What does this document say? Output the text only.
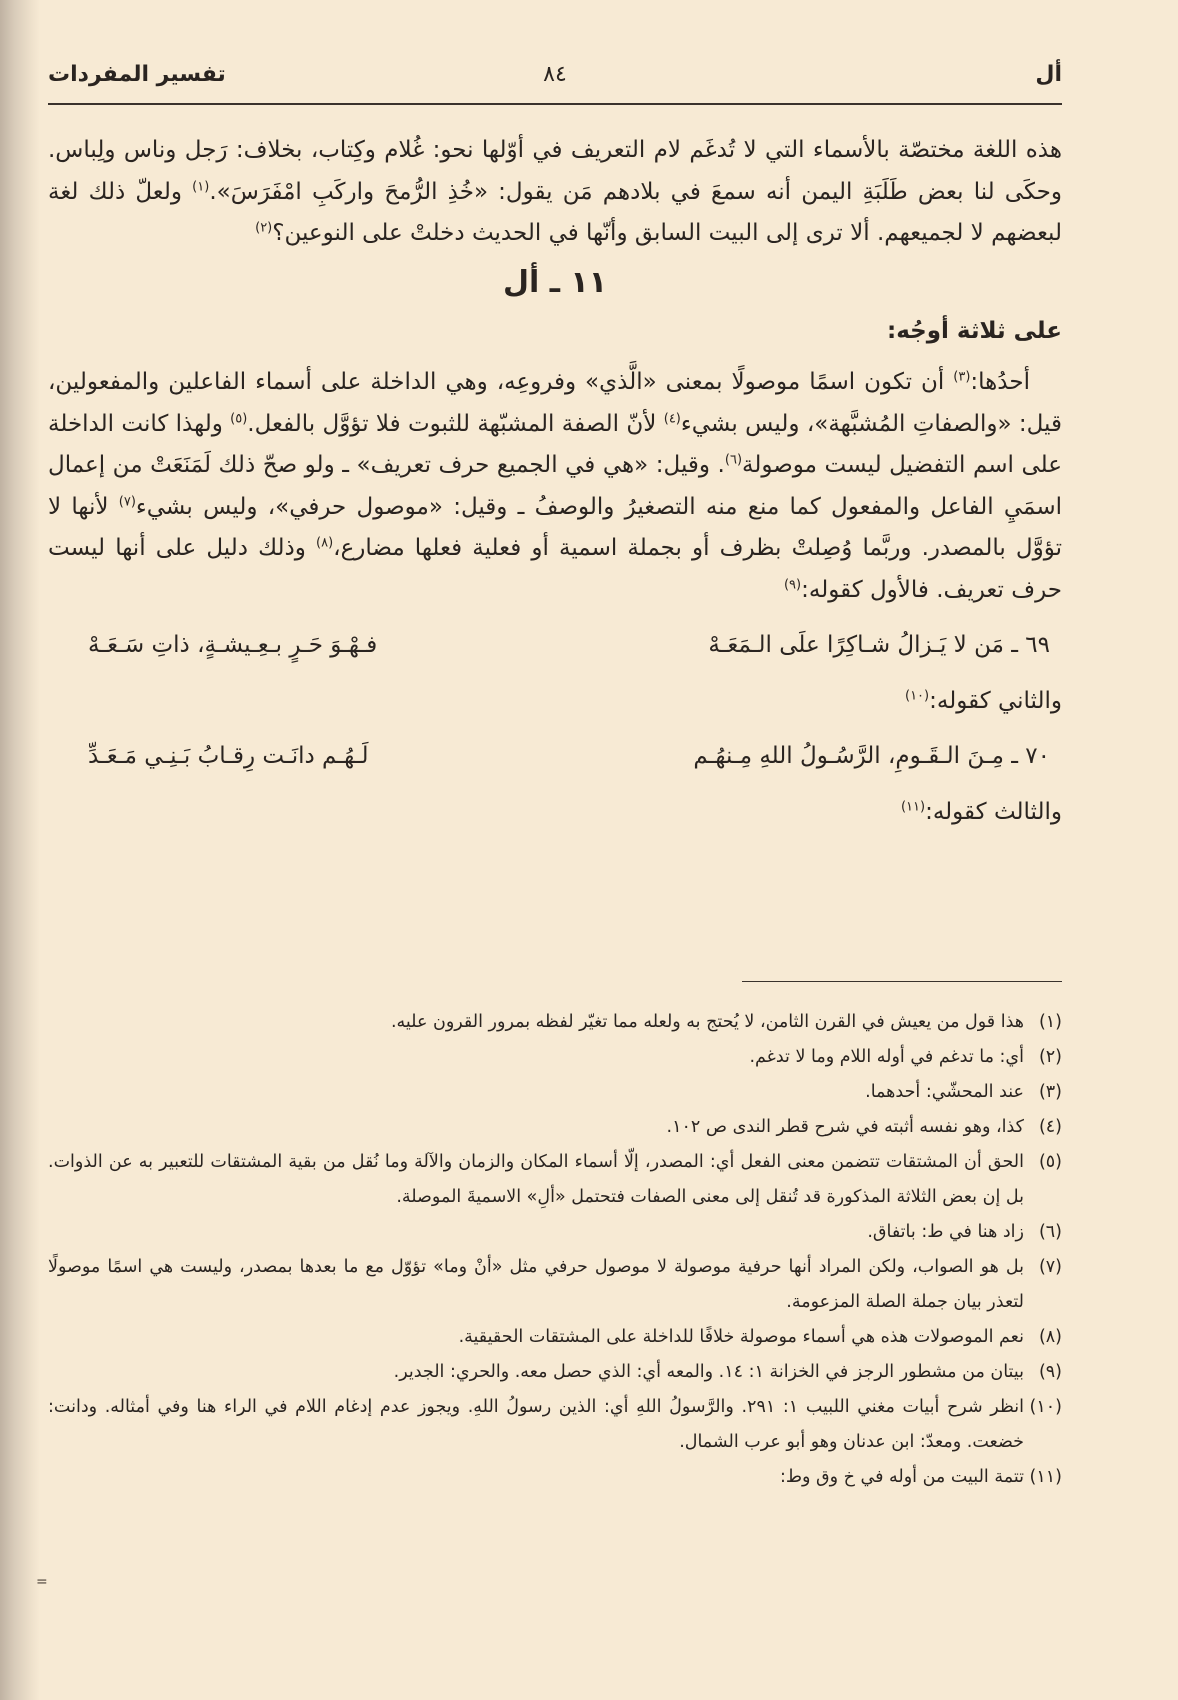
أل
٨٤
تفسير المفردات

هذه اللغة مختصّة بالأسماء التي لا تُدغَم لام التعريف في أوّلها نحو: غُلام وكِتاب، بخلاف: رَجل وناس ولِباس. وحكَى لنا بعض طَلَبَةِ اليمن أنه سمعَ في بلادهم مَن يقول: «خُذِ الرُّمحَ واركَبِ امْفَرَسَ».$^{(١)}$ ولعلّ ذلك لغة لبعضهم لا لجميعهم. ألا ترى إلى البيت السابق وأنّها في الحديث دخلتْ على النوعين؟$^{(٢)}$

١١ ـ أل

على ثلاثة أوجُه:

أحدُها:$^{(٣)}$ أن تكون اسمًا موصولًا بمعنى «الَّذي» وفروعِه، وهي الداخلة على أسماء الفاعلين والمفعولين، قيل: «والصفاتِ المُشبَّهة»، وليس بشيء$^{(٤)}$ لأنّ الصفة المشبّهة للثبوت فلا تؤوَّل بالفعل.$^{(٥)}$ ولهذا كانت الداخلة على اسم التفضيل ليست موصولة$^{(٦)}$. وقيل: «هي في الجميع حرف تعريف» ـ ولو صحّ ذلك لَمَنَعَتْ من إعمال اسمَيِ الفاعل والمفعول كما منع منه التصغيرُ والوصفُ ـ وقيل: «موصول حرفي»، وليس بشيء$^{(٧)}$ لأنها لا تؤوَّل بالمصدر. وربَّما وُصِلتْ بظرف أو بجملة اسمية أو فعلية فعلها مضارع،$^{(٨)}$ وذلك دليل على أنها ليست حرف تعريف. فالأول كقوله:$^{(٩)}$

٦٩ ـ مَن لا يَـزالُ شـاكِرًا علَى الـمَعَـهْ
فـهْـوَ حَـرٍ بـعِـيشـةٍ، ذاتِ سَـعَـهْ

والثاني كقوله:$^{(١٠)}$

٧٠ ـ مِـنَ الـقَـومِ، الرَّسُـولُ اللهِ مِـنهُـم
لَـهُـم دانَـت رِقـابُ بَـنِـي مَـعَـدِّ

والثالث كقوله:$^{(١١)}$

(١)
هذا قول من يعيش في القرن الثامن، لا يُحتج به ولعله مما تغيّر لفظه بمرور القرون عليه.

(٢)
أي: ما تدغم في أوله اللام وما لا تدغم.

(٣)
عند المحشّي: أحدهما.

(٤)
كذا، وهو نفسه أثبته في شرح قطر الندى ص ١٠٢.

(٥)
الحق أن المشتقات تتضمن معنى الفعل أي: المصدر، إلّا أسماء المكان والزمان والآلة وما نُقل من بقية المشتقات للتعبير به عن الذوات. بل إن بعض الثلاثة المذكورة قد تُنقل إلى معنى الصفات فتحتمل «ألِ» الاسميةَ الموصلة.

(٦)
زاد هنا في ط: باتفاق.

(٧)
بل هو الصواب، ولكن المراد أنها حرفية موصولة لا موصول حرفي مثل «أنْ وما» تؤوّل مع ما بعدها بمصدر، وليست هي اسمًا موصولًا لتعذر بيان جملة الصلة المزعومة.

(٨)
نعم الموصولات هذه هي أسماء موصولة خلافًا للداخلة على المشتقات الحقيقية.

(٩)
بيتان من مشطور الرجز في الخزانة ١: ١٤. والمعه أي: الذي حصل معه. والحري: الجدير.

(١٠)
انظر شرح أبيات مغني اللبيب ١: ٢٩١. والرَّسولُ اللهِ أي: الذين رسولُ اللهِ. ويجوز عدم إدغام اللام في الراء هنا وفي أمثاله. ودانت: خضعت. ومعدّ: ابن عدنان وهو أبو عرب الشمال.

(١١)
تتمة البيت من أوله في خ وق وط:

=
